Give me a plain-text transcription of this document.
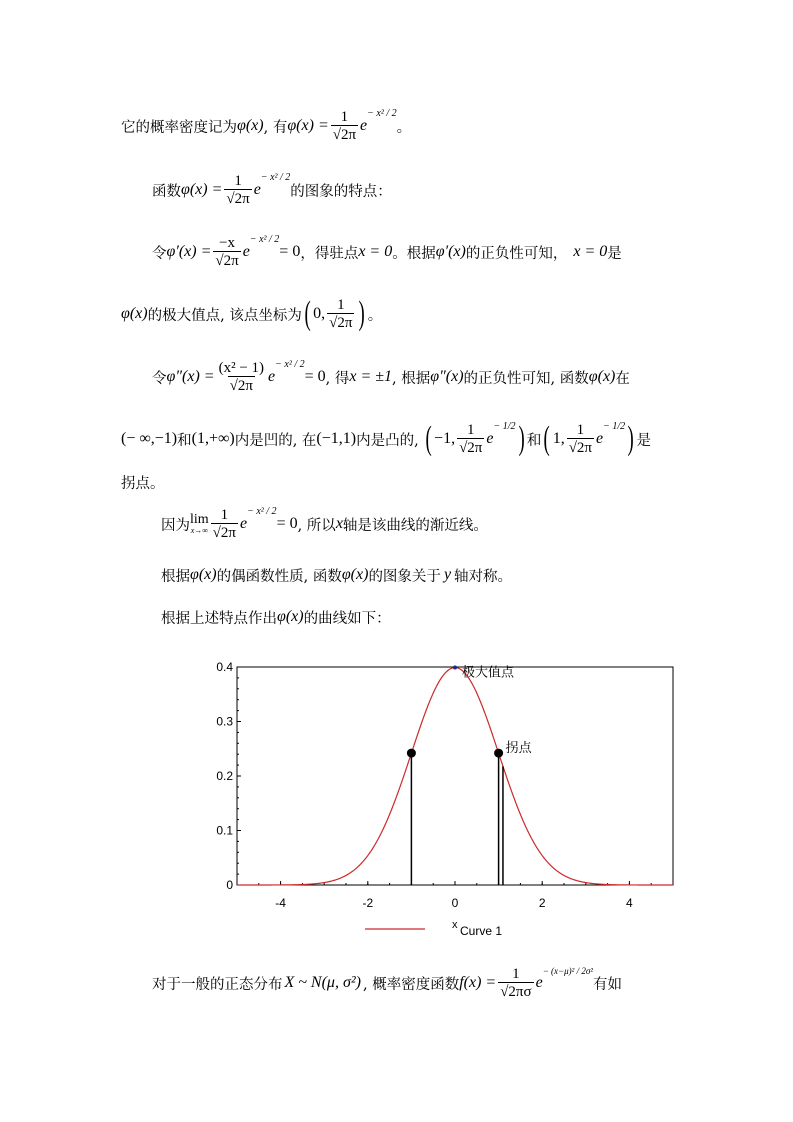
它的概率密度记为 φ(x) , 有 $\varphi(x) = \frac{1}{√2\pi}$ e
− x² / 2
。
函数 $\varphi(x) = \frac{1}{√2\pi}$ e
− x² / 2
的图象的特点：
令 $\varphi'(x) = \frac{-x}{√2\pi}$ e
− x² / 2
= 0 ，得驻点 x = 0 。根据 φ′(x) 的正负性可知， x = 0 是
φ(x) 的极大值点, 该点坐标为 ( 0, $\frac{1}{√2\pi}$ ) 。
令 $\varphi''(x) = \frac{\text{(x² − 1)}}{√2\pi}$ e
− x² / 2
= 0 , 得 x = ±1 , 根据 φ″(x) 的正负性可知, 函数 φ(x) 在
(− ∞,−1) 和 (1,+∞) 内是凹的, 在 (−1,1) 内是凸的, ( −1, $\frac{1}{√2\pi}$ e
− 1/2 ) 和 ( 1, $\frac{1}{√2\pi}$ e
− 1/2 ) 是
拐点。
因为 lim
$x\to\infty \frac{1}{√2\pi}$ e
− x² / 2
= 0 , 所以 x 轴是该曲线的渐近线。
根据 φ(x) 的偶函数性质, 函数 φ(x) 的图象关于 y 轴对称。
根据上述特点作出 φ(x) 的曲线如下：
-4	-2	0	2	4
0
0.1
0.2
0.3
0.4	极大值点
拐点
x Curve 1
对于一般的正态分布 X ~ N(μ, σ²) , 概率密度函数 $f(x) = \frac{1}{√2\pi\sigma}$ e
− (x−μ)² / 2σ²
有如
